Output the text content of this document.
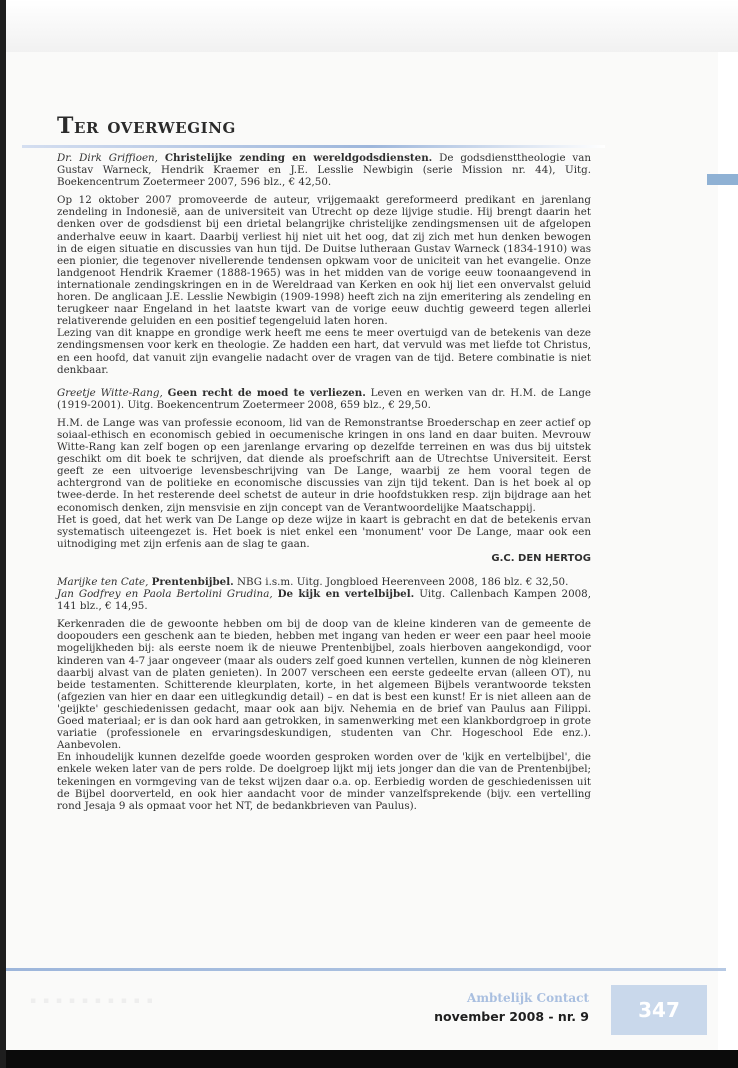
Ter overweging

Dr. Dirk Griffioen, Christelijke zending en wereldgodsdiensten. De godsdiensttheologie van Gustav Warneck, Hendrik Kraemer en J.E. Lesslie Newbigin (serie Mission nr. 44), Uitg. Boekencentrum Zoetermeer 2007, 596 blz., € 42,50.

Op 12 oktober 2007 promoveerde de auteur, vrijgemaakt gereformeerd predikant en jarenlang zendeling in Indonesië, aan de universiteit van Utrecht op deze lijvige studie. Hij brengt daarin het denken over de godsdienst bij een drietal belangrijke christelijke zendingsmensen uit de afgelopen anderhalve eeuw in kaart. Daarbij verliest hij niet uit het oog, dat zij zich met hun denken bewogen in de eigen situatie en discussies van hun tijd. De Duitse lutheraan Gustav Warneck (1834-1910) was een pionier, die tegenover nivellerende tendensen opkwam voor de uniciteit van het evangelie. Onze landgenoot Hendrik Kraemer (1888-1965) was in het midden van de vorige eeuw toonaangevend in internationale zendingskringen en in de Wereldraad van Kerken en ook hij liet een onvervalst geluid horen. De anglicaan J.E. Lesslie Newbigin (1909-1998) heeft zich na zijn emeritering als zendeling en terugkeer naar Engeland in het laatste kwart van de vorige eeuw duchtig geweerd tegen allerlei relativerende geluiden en een positief tegengeluid laten horen.

Lezing van dit knappe en grondige werk heeft me eens te meer overtuigd van de betekenis van deze zendingsmensen voor kerk en theologie. Ze hadden een hart, dat vervuld was met liefde tot Christus, en een hoofd, dat vanuit zijn evangelie nadacht over de vragen van de tijd. Betere combinatie is niet denkbaar.

Greetje Witte-Rang, Geen recht de moed te verliezen. Leven en werken van dr. H.M. de Lange (1919-2001). Uitg. Boekencentrum Zoetermeer 2008, 659 blz., € 29,50.

H.M. de Lange was van professie econoom, lid van de Remonstrantse Broederschap en zeer actief op soiaal-ethisch en economisch gebied in oecumenische kringen in ons land en daar buiten. Mevrouw Witte-Rang kan zelf bogen op een jarenlange ervaring op dezelfde terreinen en was dus bij uitstek geschikt om dit boek te schrijven, dat diende als proefschrift aan de Utrechtse Universiteit. Eerst geeft ze een uitvoerige levensbeschrijving van De Lange, waarbij ze hem vooral tegen de achtergrond van de politieke en economische discussies van zijn tijd tekent. Dan is het boek al op twee-derde. In het resterende deel schetst de auteur in drie hoofdstukken resp. zijn bijdrage aan het economisch denken, zijn mensvisie en zijn concept van de Verantwoordelijke Maatschappij.

Het is goed, dat het werk van De Lange op deze wijze in kaart is gebracht en dat de betekenis ervan systematisch uiteengezet is. Het boek is niet enkel een 'monument' voor De Lange, maar ook een uitnodiging met zijn erfenis aan de slag te gaan.

G.C. DEN HERTOG

Marijke ten Cate, Prentenbijbel. NBG i.s.m. Uitg. Jongbloed Heerenveen 2008, 186 blz. € 32,50.

Jan Godfrey en Paola Bertolini Grudina, De kijk en vertelbijbel. Uitg. Callenbach Kampen 2008, 141 blz., € 14,95.

Kerkenraden die de gewoonte hebben om bij de doop van de kleine kinderen van de gemeente de doopouders een geschenk aan te bieden, hebben met ingang van heden er weer een paar heel mooie mogelijkheden bij: als eerste noem ik de nieuwe Prentenbijbel, zoals hierboven aangekondigd, voor kinderen van 4-7 jaar ongeveer (maar als ouders zelf goed kunnen vertellen, kunnen de nòg kleineren daarbij alvast van de platen genieten). In 2007 verscheen een eerste gedeelte ervan (alleen OT), nu beide testamenten. Schitterende kleurplaten, korte, in het algemeen Bijbels verantwoorde teksten (afgezien van hier en daar een uitlegkundig detail) – en dat is best een kunst! Er is niet alleen aan de 'geijkte' geschiedenissen gedacht, maar ook aan bijv. Nehemia en de brief van Paulus aan Filippi. Goed materiaal; er is dan ook hard aan getrokken, in samenwerking met een klankbordgroep in grote variatie (professionele en ervaringsdeskundigen, studenten van Chr. Hogeschool Ede enz.). Aanbevolen.

En inhoudelijk kunnen dezelfde goede woorden gesproken worden over de 'kijk en vertelbijbel', die enkele weken later van de pers rolde. De doelgroep lijkt mij iets jonger dan die van de Prentenbijbel; tekeningen en vormgeving van de tekst wijzen daar o.a. op. Eerbiedig worden de geschiedenissen uit de Bijbel doorverteld, en ook hier aandacht voor de minder vanzelfsprekende (bijv. een vertelling rond Jesaja 9 als opmaat voor het NT, de bedankbrieven van Paulus).

▪ ▪ ▪ ▪ ▪ ▪ ▪ ▪ ▪ ▪	Ambtelijk Contact
november 2008 - nr. 9	347
